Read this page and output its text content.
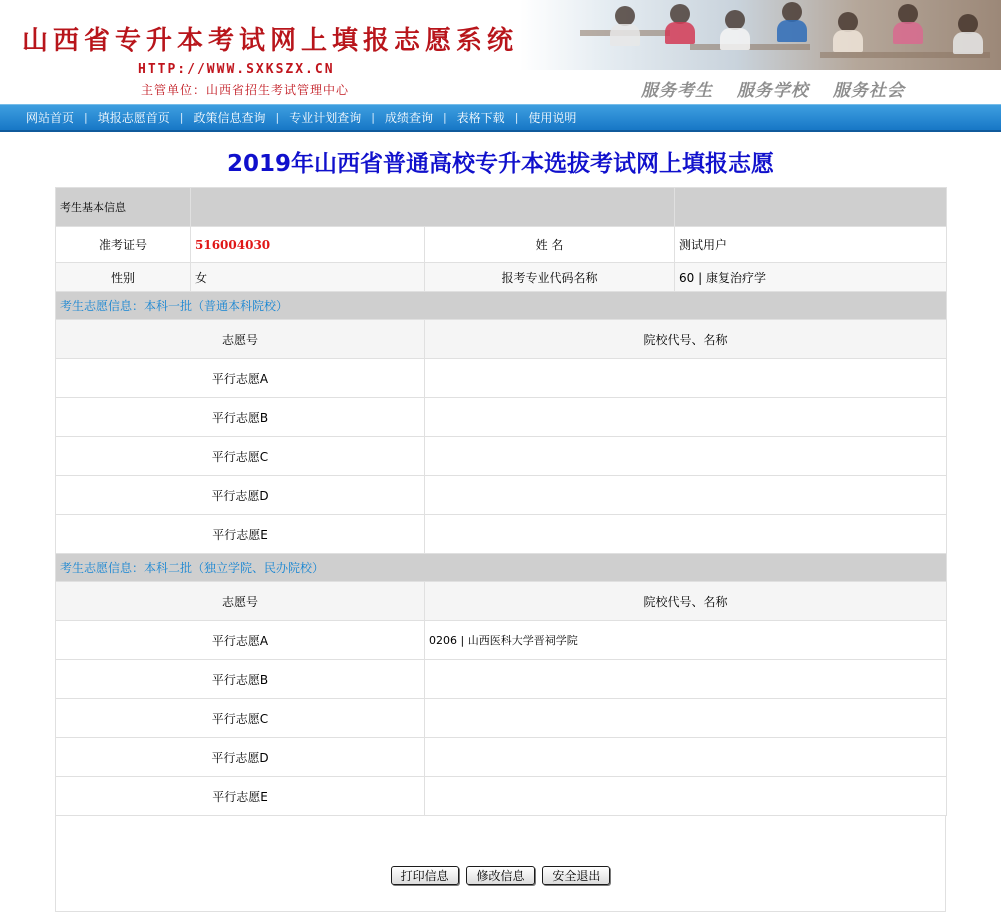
山西省专升本考试网上填报志愿系统
HTTP://WWW.SXKSZX.CN
主管单位：山西省招生考试管理中心	服务考生 服务学校 服务社会
网站首页 | 填报志愿首页 | 政策信息查询 | 专业计划查询 | 成绩查询 | 表格下载 | 使用说明
2019年山西省普通高校专升本选拔考试网上填报志愿
考生基本信息			
准考证号	516004030	姓 名	测试用户
性别	女	报考专业代码名称	60 | 康复治疗学
考生志愿信息：本科一批（普通本科院校）			
志愿号		院校代号、名称	
平行志愿A			
平行志愿B			
平行志愿C			
平行志愿D			
平行志愿E			
考生志愿信息：本科二批（独立学院、民办院校）			
志愿号		院校代号、名称	
平行志愿A		0206 | 山西医科大学晋祠学院	
平行志愿B			
平行志愿C			
平行志愿D			
平行志愿E			
打印信息 修改信息 安全退出
